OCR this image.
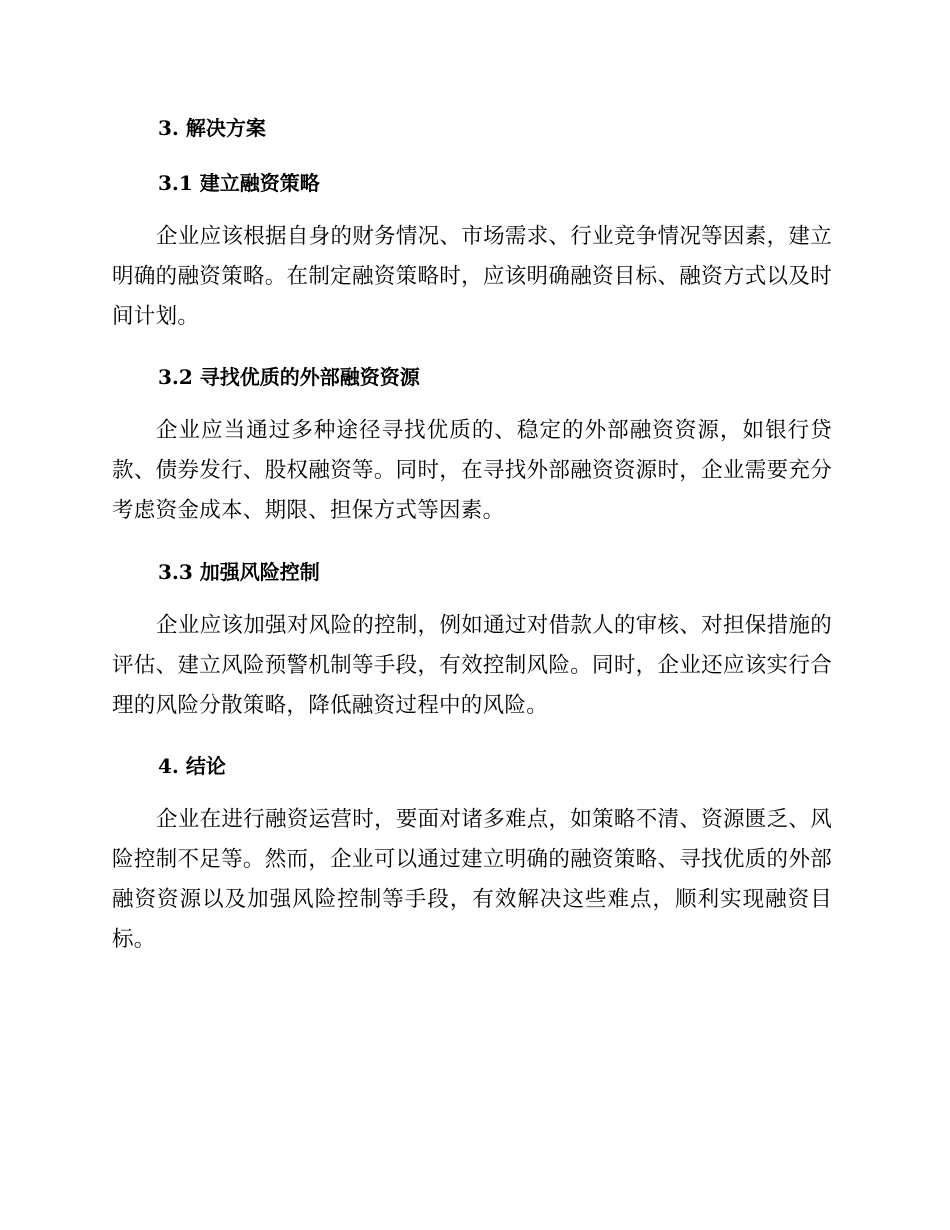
3. 解决方案
3.1 建立融资策略
企业应该根据自身的财务情况、市场需求、行业竞争情况等因素，建立明确的融资策略。在制定融资策略时，应该明确融资目标、融资方式以及时间计划。
3.2 寻找优质的外部融资资源
企业应当通过多种途径寻找优质的、稳定的外部融资资源，如银行贷款、债券发行、股权融资等。同时，在寻找外部融资资源时，企业需要充分考虑资金成本、期限、担保方式等因素。
3.3 加强风险控制
企业应该加强对风险的控制，例如通过对借款人的审核、对担保措施的评估、建立风险预警机制等手段，有效控制风险。同时，企业还应该实行合理的风险分散策略，降低融资过程中的风险。
4. 结论
企业在进行融资运营时，要面对诸多难点，如策略不清、资源匮乏、风险控制不足等。然而，企业可以通过建立明确的融资策略、寻找优质的外部融资资源以及加强风险控制等手段，有效解决这些难点，顺利实现融资目标。
